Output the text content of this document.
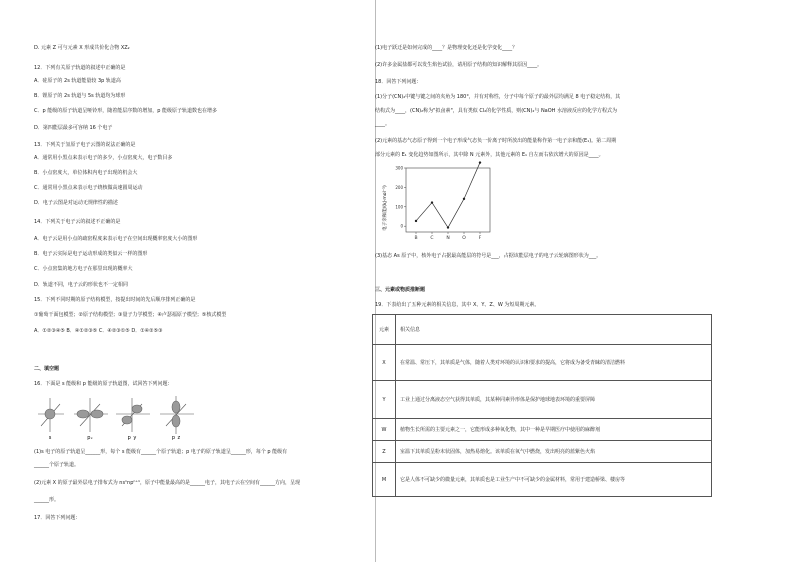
D. 元素 Z 可与元素 X 形成共价化合物 XZ₂
12．下列有关原子轨道的叙述中正确的是
A．硅原子的 2s 轨道能量较 3p 轨道高
B．锂原子的 2s 轨道与 5s 轨道均为球形
C．p 能级的原子轨道呈哑铃形，随着能层序数的增加，p 能级原子轨道数也在增多
D．第四能层最多可容纳 16 个电子
13．下列关于氢原子电子云图的说法正确的是
A．通常用小黑点来表示电子的多少，小点密度大，电子数目多
B．小点密度大，单位体积内电子出现的机会大
C．通常用小黑点来表示电子绕核做高速圆周运动
D．电子云图是对运动无规律性的描述
14．下列关于电子云的叙述不正确的是
A．电子云是用小点的疏密程度来表示电子在空间出现概率密度大小的图形
B．电子云实际是电子运动形成的类似云一样的图形
C．小点密集的地方电子在那里出现的概率大
D．轨道不同，电子云的形状也不一定相同
15．下列不同时期的原子结构模型，按提出时间的先后顺序排列正确的是
①葡萄干面包模型；②原子结构模型；③量子力学模型；④卢瑟福原子模型；⑤核式模型
A．①②③④⑤ B．④①②③⑤ C．④②③①⑤ D．①④②⑤③
二、填空题
16．下面是 s 能级和 p 能级的原子轨道图，试回答下列问题：
s	pₓ	p_y	p_z
(1)s 电子的原子轨道呈______形，每个 s 能级有______个原子轨道；p 电子的原子轨道呈______形，每个 p 能级有
______个原子轨道。
(2)元素 X 的原子最外层电子排布式为 nsⁿnpⁿ⁺¹，原子中能量最高的是______电子，其电子云在空间有______方向，呈现
______形。
17．回答下列问题：
(1)电子跃迁是如何完成的____？是物理变化还是化学变化____？
(2)许多金属盐都可以发生焰色试验，请用原子结构的知识解释其原因____。
18．回答下列问题：
(1)分子(CN)₂中键与键之间的夹角为 180°，并有对称性，分子中每个原子的最外层均满足 8 电子稳定结构，其
结构式为____，(CN)₂称为"拟卤素"，具有类似 Cl₂的化学性质，则(CN)₂与 NaOH 水溶液反应的化学方程式为
____。
(2)元素的基态气态原子得到一个电子形成气态负一价离子时所放出的能量称作第一电子亲和能(E₁)。第二周期
部分元素的 E₁ 变化趋势如图所示，其中除 N 元素外，其他元素的 E₁ 自左而右依次增大的原因是____。
电子亲和能/(kJ·mol⁻¹)	0
100
200
300
B	C	N	O	F
(3)基态 As 原子中，核外电子占据最高能层的符号是___，占据该能层电子的电子云轮廓图形状为___。
三、元素或物质推断题
19．下表给出了五种元素的相关信息，其中 X、Y、Z、W 为短周期元素。
元素	相关信息
X	在常温、常压下，其单质是气体，随着人类对环境的认识和要求的提高，它将成为备受青睐的清洁燃料
Y	工业上通过分离液态空气获得其单质，其某种同素异形体是保护地球地表环境的重要屏障
W	植物生长所需的主要元素之一，它能形成多种氧化物，其中一种是早期医疗中使用的麻醉剂
Z	室温下其单质呈粉末状固体，加热易熔化。该单质在氧气中燃烧，发出明亮的蓝紫色火焰
M	它是人体不可缺少的微量元素，其单质也是工业生产中不可缺少的金属材料，常用于建造桥梁、楼房等
